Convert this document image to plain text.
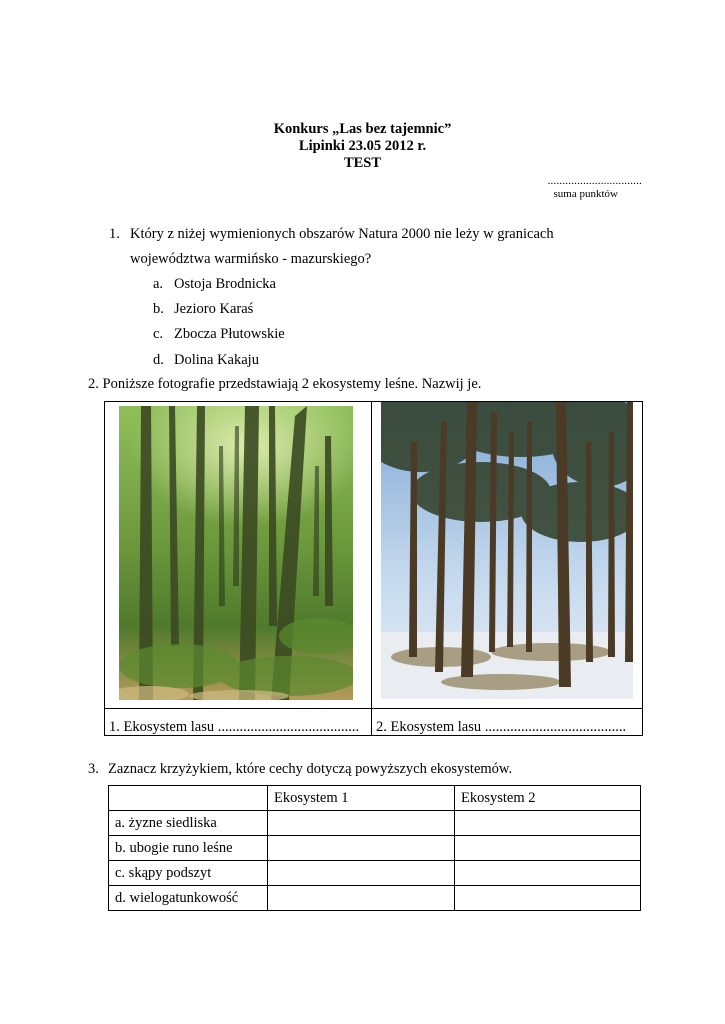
Konkurs „Las bez tajemnic”
Lipinki 23.05 2012 r.
TEST
................................
suma punktów
1. Który z niżej wymienionych obszarów Natura 2000 nie leży w granicach
województwa warmińsko - mazurskiego?
a. Ostoja Brodnicka
b. Jezioro Karaś
c. Zbocza Płutowskie
d. Dolina Kakaju
2. Poniższe fotografie przedstawiają 2 ekosystemy leśne. Nazwij je.
1. Ekosystem lasu ....................................... 2. Ekosystem lasu .......................................
3. Zaznacz krzyżykiem, które cechy dotyczą powyższych ekosystemów.
	Ekosystem 1	Ekosystem 2
a. żyzne siedliska		
b. ubogie runo leśne		
c. skąpy podszyt		
d. wielogatunkowość		
